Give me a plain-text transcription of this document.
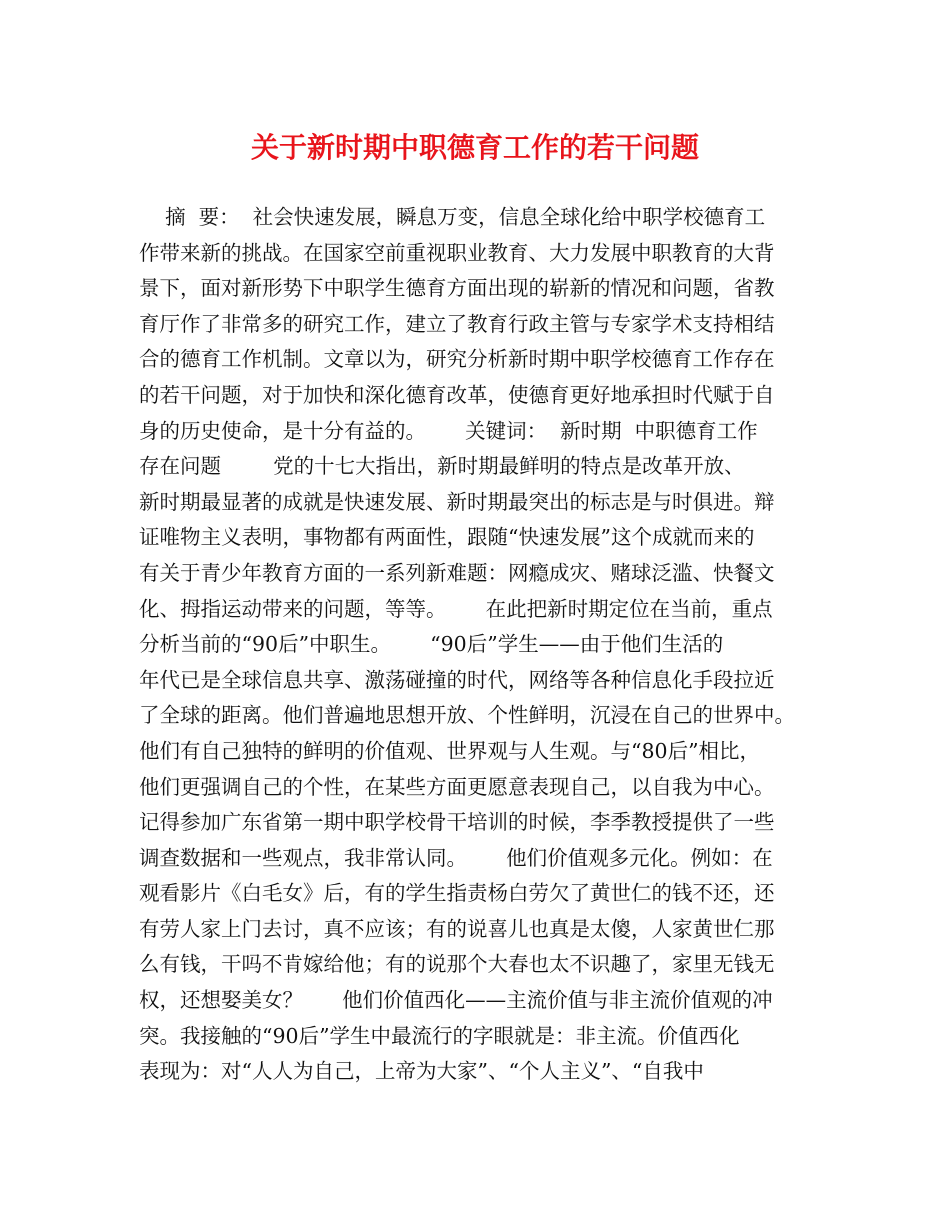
关于新时期中职德育工作的若干问题
摘  要：  社会快速发展，瞬息万变，信息全球化给中职学校德育工
作带来新的挑战。在国家空前重视职业教育、大力发展中职教育的大背
景下，面对新形势下中职学生德育方面出现的崭新的情况和问题，省教
育厅作了非常多的研究工作，建立了教育行政主管与专家学术支持相结
合的德育工作机制。文章以为，研究分析新时期中职学校德育工作存在
的若干问题，对于加快和深化德育改革，使德育更好地承担时代赋于自
身的历史使命，是十分有益的。      关键词：  新时期  中职德育工作
存在问题        党的十七大指出，新时期最鲜明的特点是改革开放、
新时期最显著的成就是快速发展、新时期最突出的标志是与时俱进。辩
证唯物主义表明，事物都有两面性，跟随“快速发展”这个成就而来的
有关于青少年教育方面的一系列新难题：网瘾成灾、赌球泛滥、快餐文
化、拇指运动带来的问题，等等。      在此把新时期定位在当前，重点
分析当前的“90后”中职生。      “90后”学生——由于他们生活的
年代已是全球信息共享、激荡碰撞的时代，网络等各种信息化手段拉近
了全球的距离。他们普遍地思想开放、个性鲜明，沉浸在自己的世界中。
他们有自己独特的鲜明的价值观、世界观与人生观。与“80后”相比，
他们更强调自己的个性，在某些方面更愿意表现自己，以自我为中心。
记得参加广东省第一期中职学校骨干培训的时候，李季教授提供了一些
调查数据和一些观点，我非常认同。      他们价值观多元化。例如：在
观看影片《白毛女》后，有的学生指责杨白劳欠了黄世仁的钱不还，还
有劳人家上门去讨，真不应该；有的说喜儿也真是太傻，人家黄世仁那
么有钱，干吗不肯嫁给他；有的说那个大春也太不识趣了，家里无钱无
权，还想娶美女？      他们价值西化——主流价值与非主流价值观的冲
突。我接触的“90后”学生中最流行的字眼就是：非主流。价值西化
表现为：对“人人为自己，上帝为大家”、“个人主义”、“自我中
